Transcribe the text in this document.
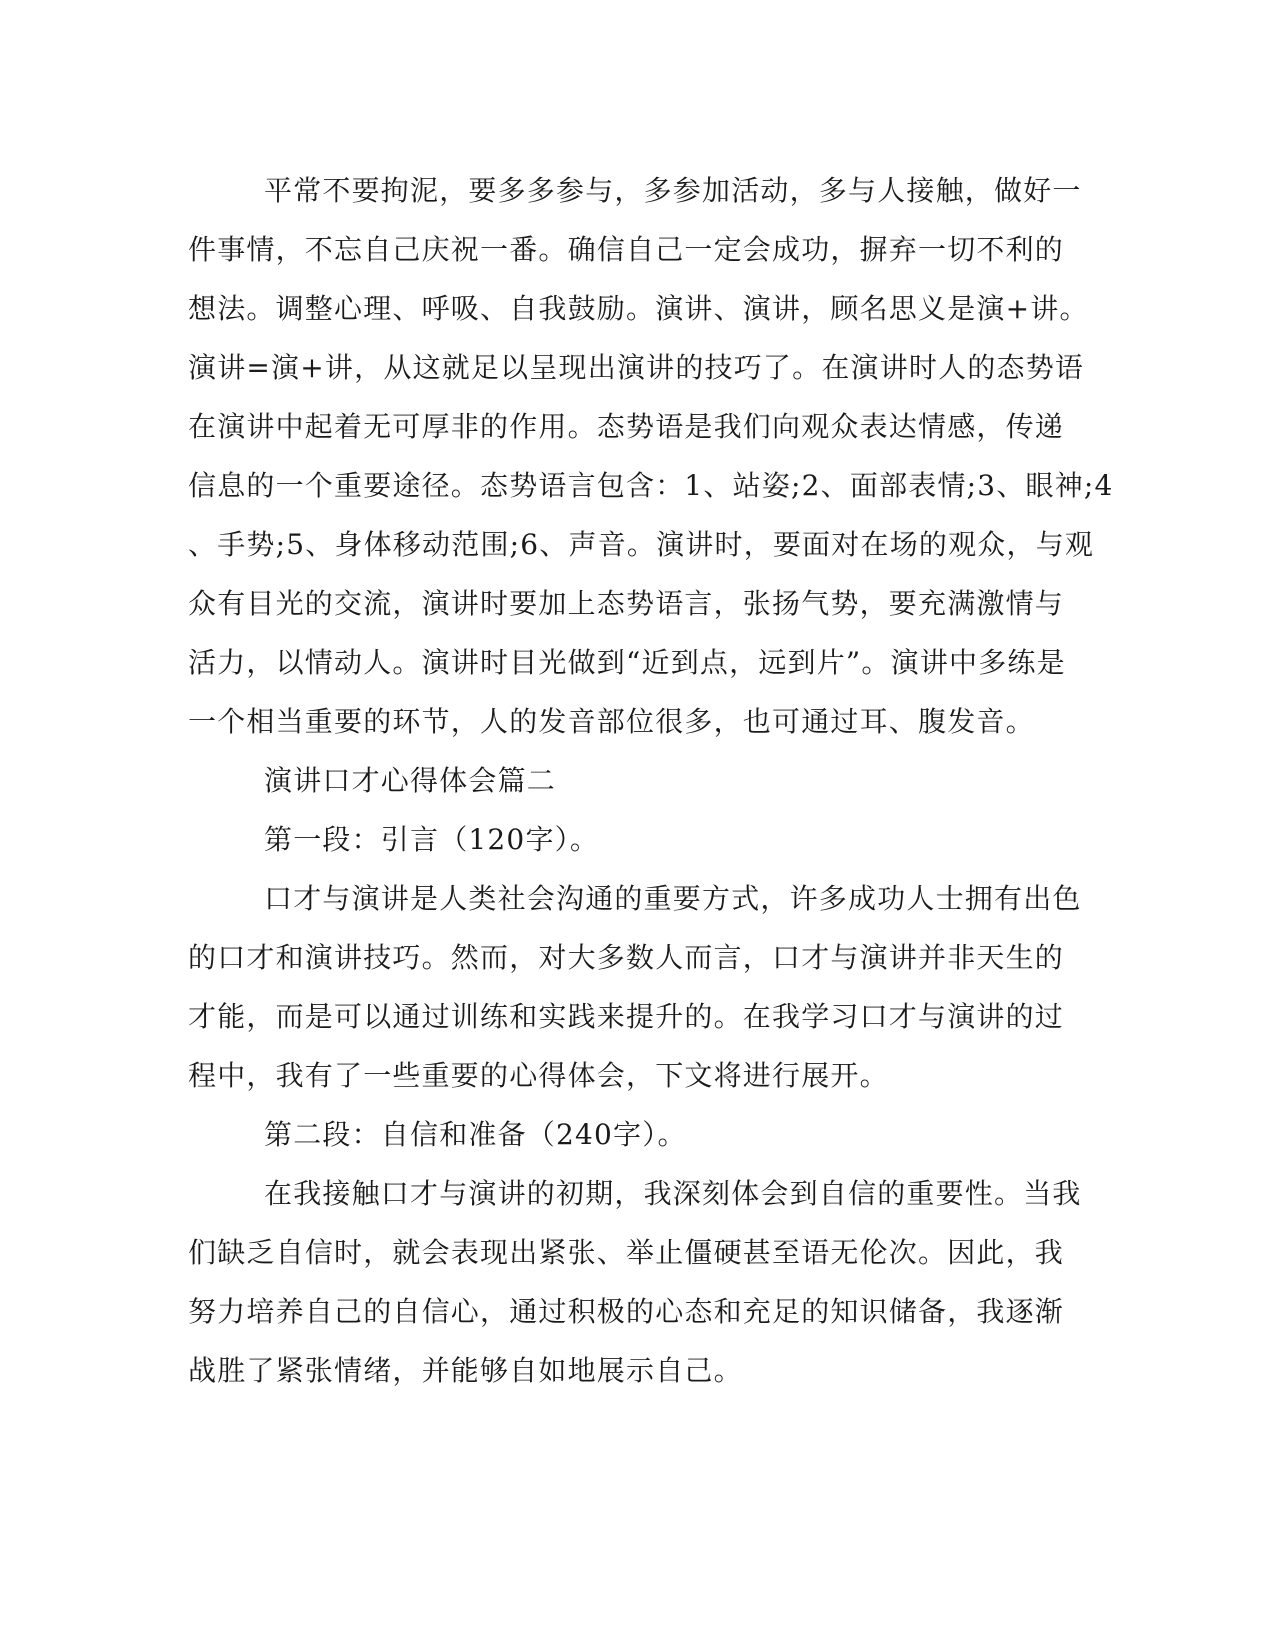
平常不要拘泥，要多多参与，多参加活动，多与人接触，做好一
件事情，不忘自己庆祝一番。确信自己一定会成功，摒弃一切不利的
想法。调整心理、呼吸、自我鼓励。演讲、演讲，顾名思义是演+讲。
演讲=演+讲，从这就足以呈现出演讲的技巧了。在演讲时人的态势语
在演讲中起着无可厚非的作用。态势语是我们向观众表达情感，传递
信息的一个重要途径。态势语言包含：1、站姿;2、面部表情;3、眼神;4
、手势;5、身体移动范围;6、声音。演讲时，要面对在场的观众，与观
众有目光的交流，演讲时要加上态势语言，张扬气势，要充满激情与
活力，以情动人。演讲时目光做到“近到点，远到片”。演讲中多练是
一个相当重要的环节，人的发音部位很多，也可通过耳、腹发音。
演讲口才心得体会篇二
第一段：引言（120字）。
口才与演讲是人类社会沟通的重要方式，许多成功人士拥有出色
的口才和演讲技巧。然而，对大多数人而言，口才与演讲并非天生的
才能，而是可以通过训练和实践来提升的。在我学习口才与演讲的过
程中，我有了一些重要的心得体会，下文将进行展开。
第二段：自信和准备（240字）。
在我接触口才与演讲的初期，我深刻体会到自信的重要性。当我
们缺乏自信时，就会表现出紧张、举止僵硬甚至语无伦次。因此，我
努力培养自己的自信心，通过积极的心态和充足的知识储备，我逐渐
战胜了紧张情绪，并能够自如地展示自己。
